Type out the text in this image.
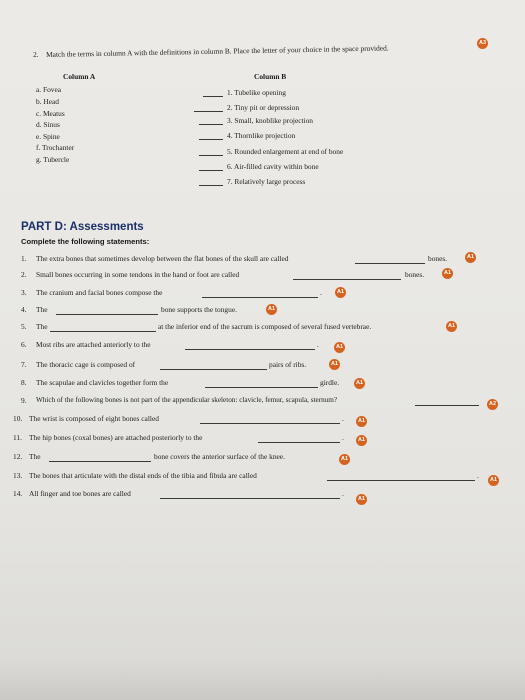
2. Match the terms in column A with the definitions in column B. Place the letter of your choice in the space provided.
A3
Column A	Column B
a. Fovea
b. Head
c. Meatus
d. Sinus
e. Spine
f. Trochanter
g. Tubercle
1. Tubelike opening
2. Tiny pit or depression
3. Small, knoblike projection
4. Thornlike projection
5. Rounded enlargement at end of bone
6. Air-filled cavity within bone
7. Relatively large process
PART D: Assessments
Complete the following statements:
1. The extra bones that sometimes develop between the flat bones of the skull are called	bones.	A1
2. Small bones occurring in some tendons in the hand or foot are called	bones.	A1
3. The cranium and facial bones compose the	.	A1
4. The	bone supports the tongue.	A1
5. The	at the inferior end of the sacrum is composed of several fused vertebrae.	A1
6. Most ribs are attached anteriorly to the	.	A1
7. The thoracic cage is composed of	pairs of ribs.	A1
8. The scapulae and clavicles together form the	girdle.	A1
9. Which of the following bones is not part of the appendicular skeleton: clavicle, femur, scapula, sternum?	A2
10. The wrist is composed of eight bones called	.	A1
11. The hip bones (coxal bones) are attached posteriorly to the	.	A1
12. The	bone covers the anterior surface of the knee.	A1
13. The bones that articulate with the distal ends of the tibia and fibula are called	.	A1
14. All finger and toe bones are called	.
A1
